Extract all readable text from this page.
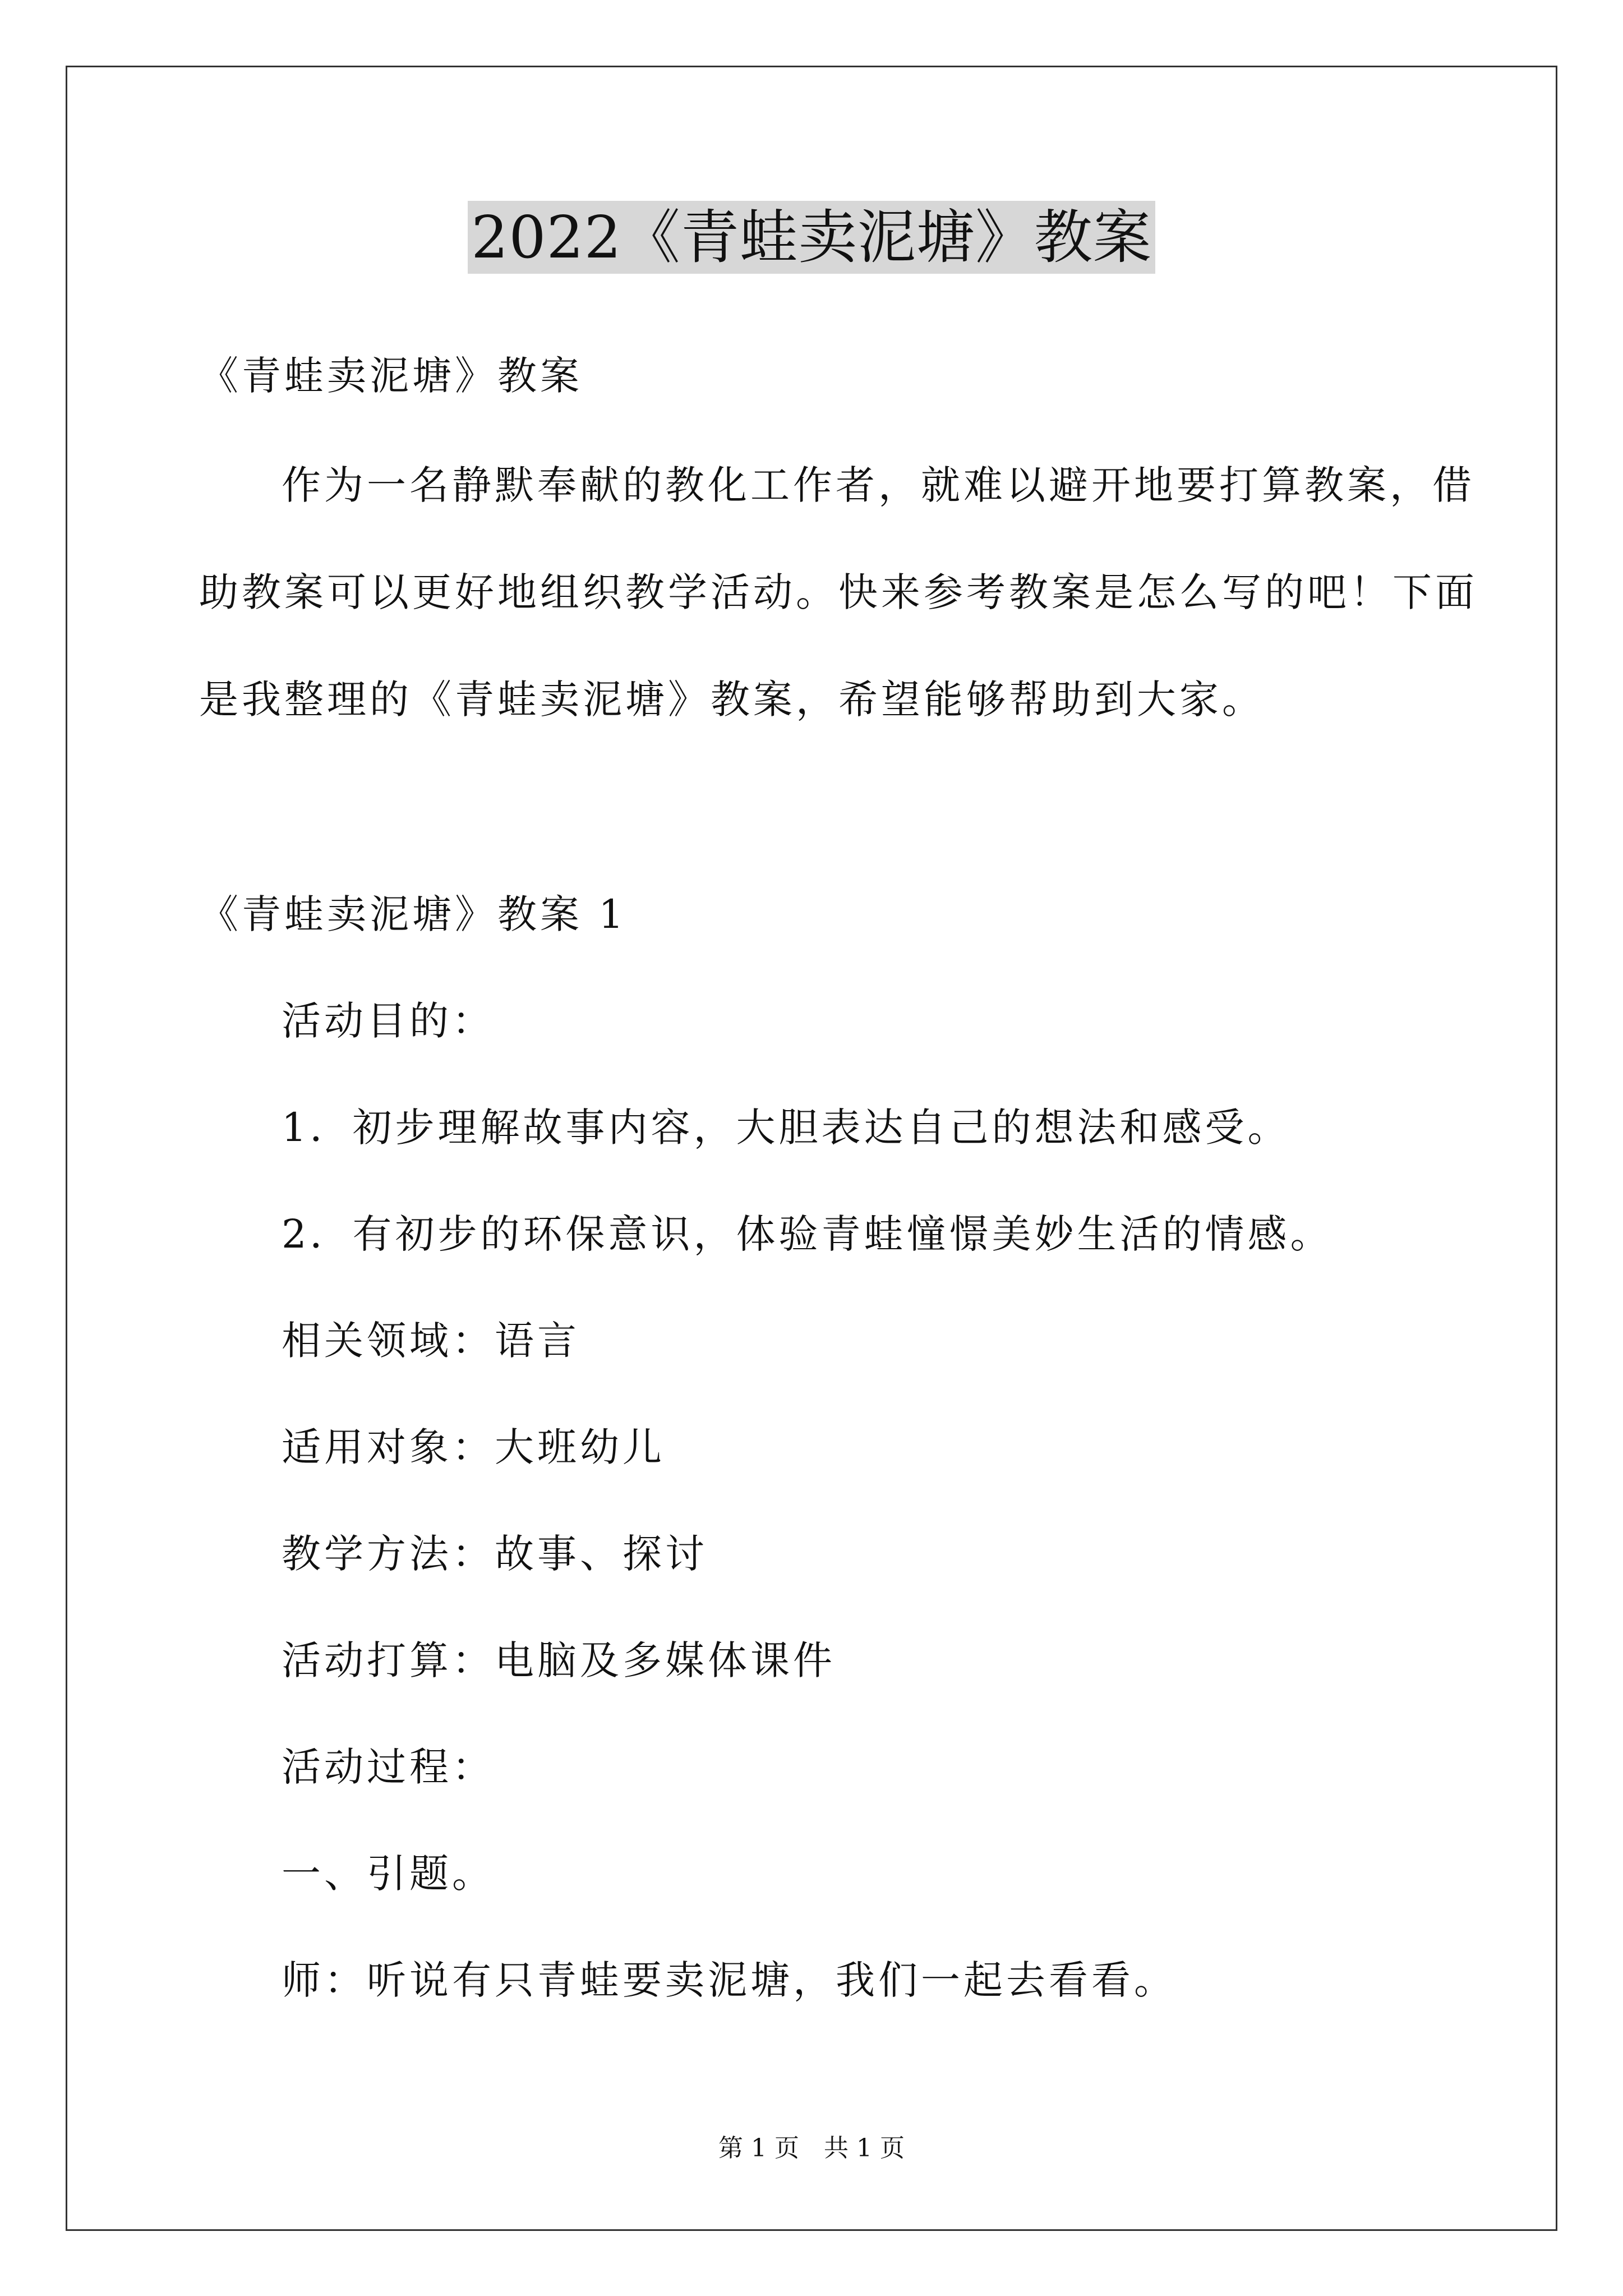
2022《青蛙卖泥塘》教案
《青蛙卖泥塘》教案
作为一名静默奉献的教化工作者，就难以避开地要打算教案，借
助教案可以更好地组织教学活动。快来参考教案是怎么写的吧！下面
是我整理的《青蛙卖泥塘》教案，希望能够帮助到大家。
《青蛙卖泥塘》教案 1
活动目的：
1．初步理解故事内容，大胆表达自己的想法和感受。
2．有初步的环保意识，体验青蛙憧憬美妙生活的情感。
相关领域：语言
适用对象：大班幼儿
教学方法：故事、探讨
活动打算：电脑及多媒体课件
活动过程：
一、引题。
师：听说有只青蛙要卖泥塘，我们一起去看看。
第 1 页　共 1 页
